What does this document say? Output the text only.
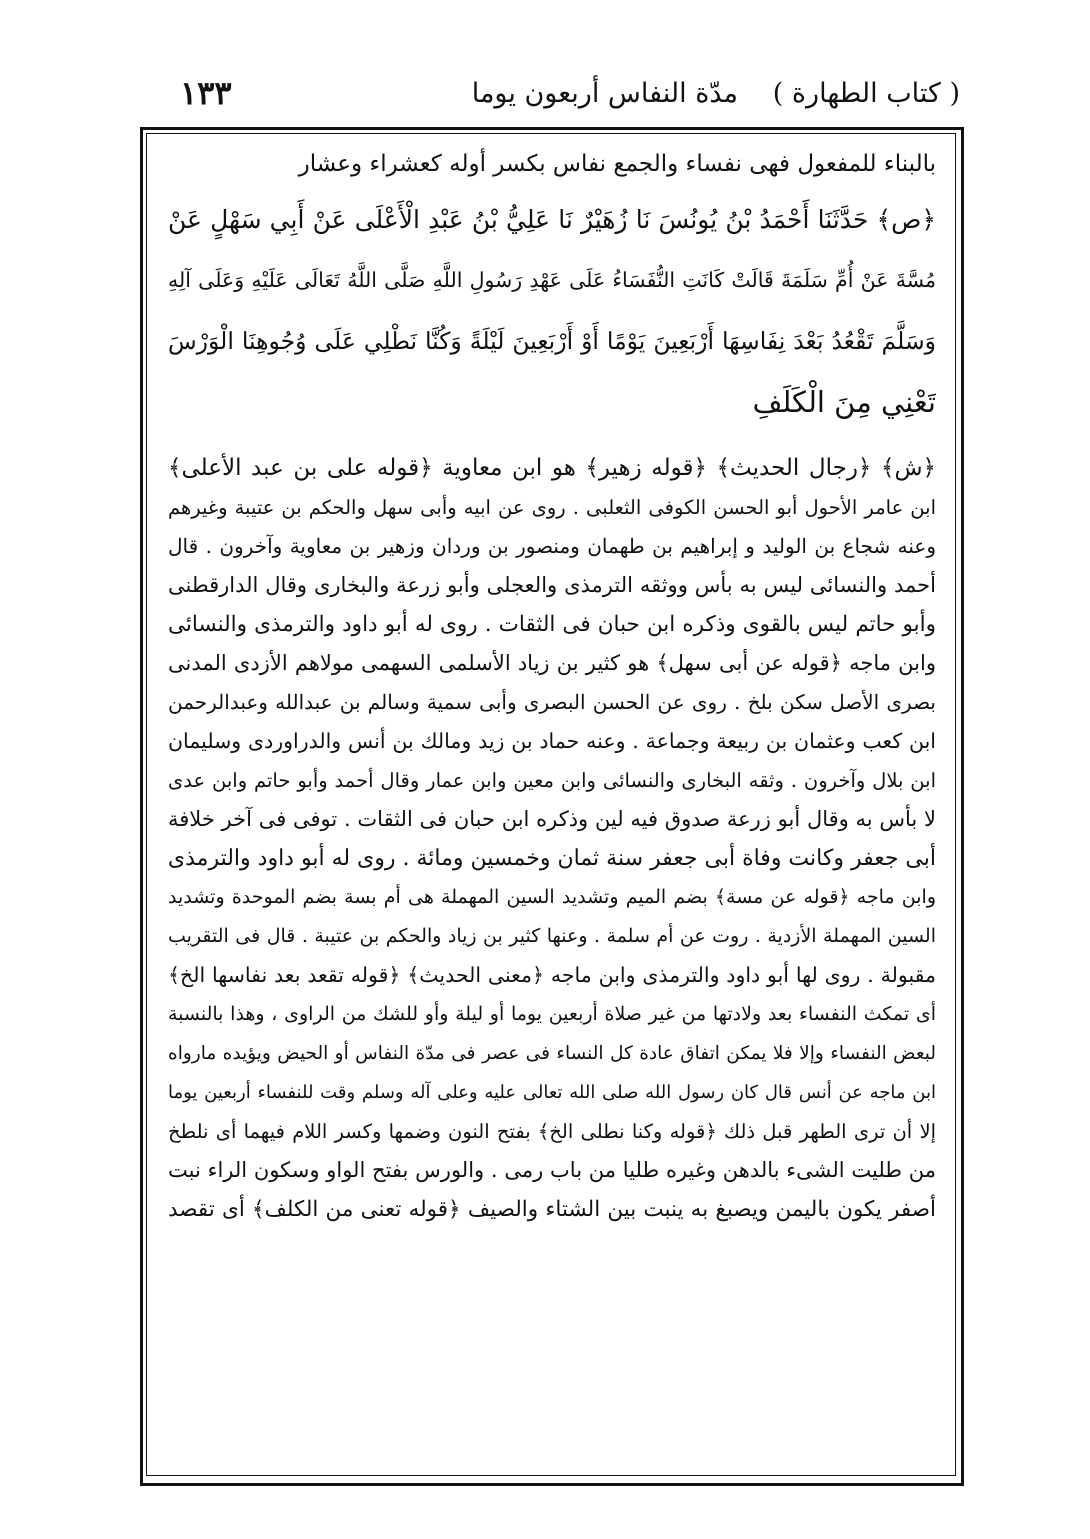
( كتاب الطهارة )
مدّة النفاس أربعون يوما
١٣٣
بالبناء للمفعول فهى نفساء والجمع نفاس بكسر أوله كعشراء وعشار
﴿ص﴾ حَدَّثَنَا أَحْمَدُ بْنُ يُونُسَ نَا زُهَيْرٌ نَا عَلِيُّ بْنُ عَبْدِ الْأَعْلَى عَنْ أَبِي سَهْلٍ عَنْ
مُسَّةَ عَنْ أُمِّ سَلَمَةَ قَالَتْ كَانَتِ النُّفَسَاءُ عَلَى عَهْدِ رَسُولِ اللَّهِ صَلَّى اللَّهُ تَعَالَى عَلَيْهِ وَعَلَى آلِهِ
وَسَلَّمَ تَقْعُدُ بَعْدَ نِفَاسِهَا أَرْبَعِينَ يَوْمًا أَوْ أَرْبَعِينَ لَيْلَةً وَكُنَّا نَطْلِي عَلَى وُجُوهِنَا الْوَرْسَ
تَعْنِي مِنَ الْكَلَفِ
﴿ش﴾ ﴿رجال الحديث﴾ ﴿قوله زهير﴾ هو ابن معاوية ﴿قوله على بن عبد الأعلى﴾
ابن عامر الأحول أبو الحسن الكوفى الثعلبى . روى عن ابيه وأبى سهل والحكم بن عتيبة وغيرهم
وعنه شجاع بن الوليد و إبراهيم بن طهمان ومنصور بن وردان وزهير بن معاوية وآخرون . قال
أحمد والنسائى ليس به بأس ووثقه الترمذى والعجلى وأبو زرعة والبخارى وقال الدارقطنى
وأبو حاتم ليس بالقوى وذكره ابن حبان فى الثقات . روى له أبو داود والترمذى والنسائى
وابن ماجه ﴿قوله عن أبى سهل﴾ هو كثير بن زياد الأسلمى السهمى مولاهم الأزدى المدنى
بصرى الأصل سكن بلخ . روى عن الحسن البصرى وأبى سمية وسالم بن عبدالله وعبدالرحمن
ابن كعب وعثمان بن ربيعة وجماعة . وعنه حماد بن زيد ومالك بن أنس والدراوردى وسليمان
ابن بلال وآخرون . وثقه البخارى والنسائى وابن معين وابن عمار وقال أحمد وأبو حاتم وابن عدى
لا بأس به وقال أبو زرعة صدوق فيه لين وذكره ابن حبان فى الثقات . توفى فى آخر خلافة
أبى جعفر وكانت وفاة أبى جعفر سنة ثمان وخمسين ومائة . روى له أبو داود والترمذى
وابن ماجه ﴿قوله عن مسة﴾ بضم الميم وتشديد السين المهملة هى أم بسة بضم الموحدة وتشديد
السين المهملة الأزدية . روت عن أم سلمة . وعنها كثير بن زياد والحكم بن عتيبة . قال فى التقريب
مقبولة . روى لها أبو داود والترمذى وابن ماجه ﴿معنى الحديث﴾ ﴿قوله تقعد بعد نفاسها الخ﴾
أى تمكث النفساء بعد ولادتها من غير صلاة أربعين يوما أو ليلة وأو للشك من الراوى ، وهذا بالنسبة
لبعض النفساء وإلا فلا يمكن اتفاق عادة كل النساء فى عصر فى مدّة النفاس أو الحيض ويؤيده مارواه
ابن ماجه عن أنس قال كان رسول الله صلى الله تعالى عليه وعلى آله وسلم وقت للنفساء أربعين يوما
إلا أن ترى الطهر قبل ذلك ﴿قوله وكنا نطلى الخ﴾ بفتح النون وضمها وكسر اللام فيهما أى نلطخ
من طليت الشىء بالدهن وغيره طليا من باب رمى . والورس بفتح الواو وسكون الراء نبت
أصفر يكون باليمن ويصبغ به ينبت بين الشتاء والصيف ﴿قوله تعنى من الكلف﴾ أى تقصد
